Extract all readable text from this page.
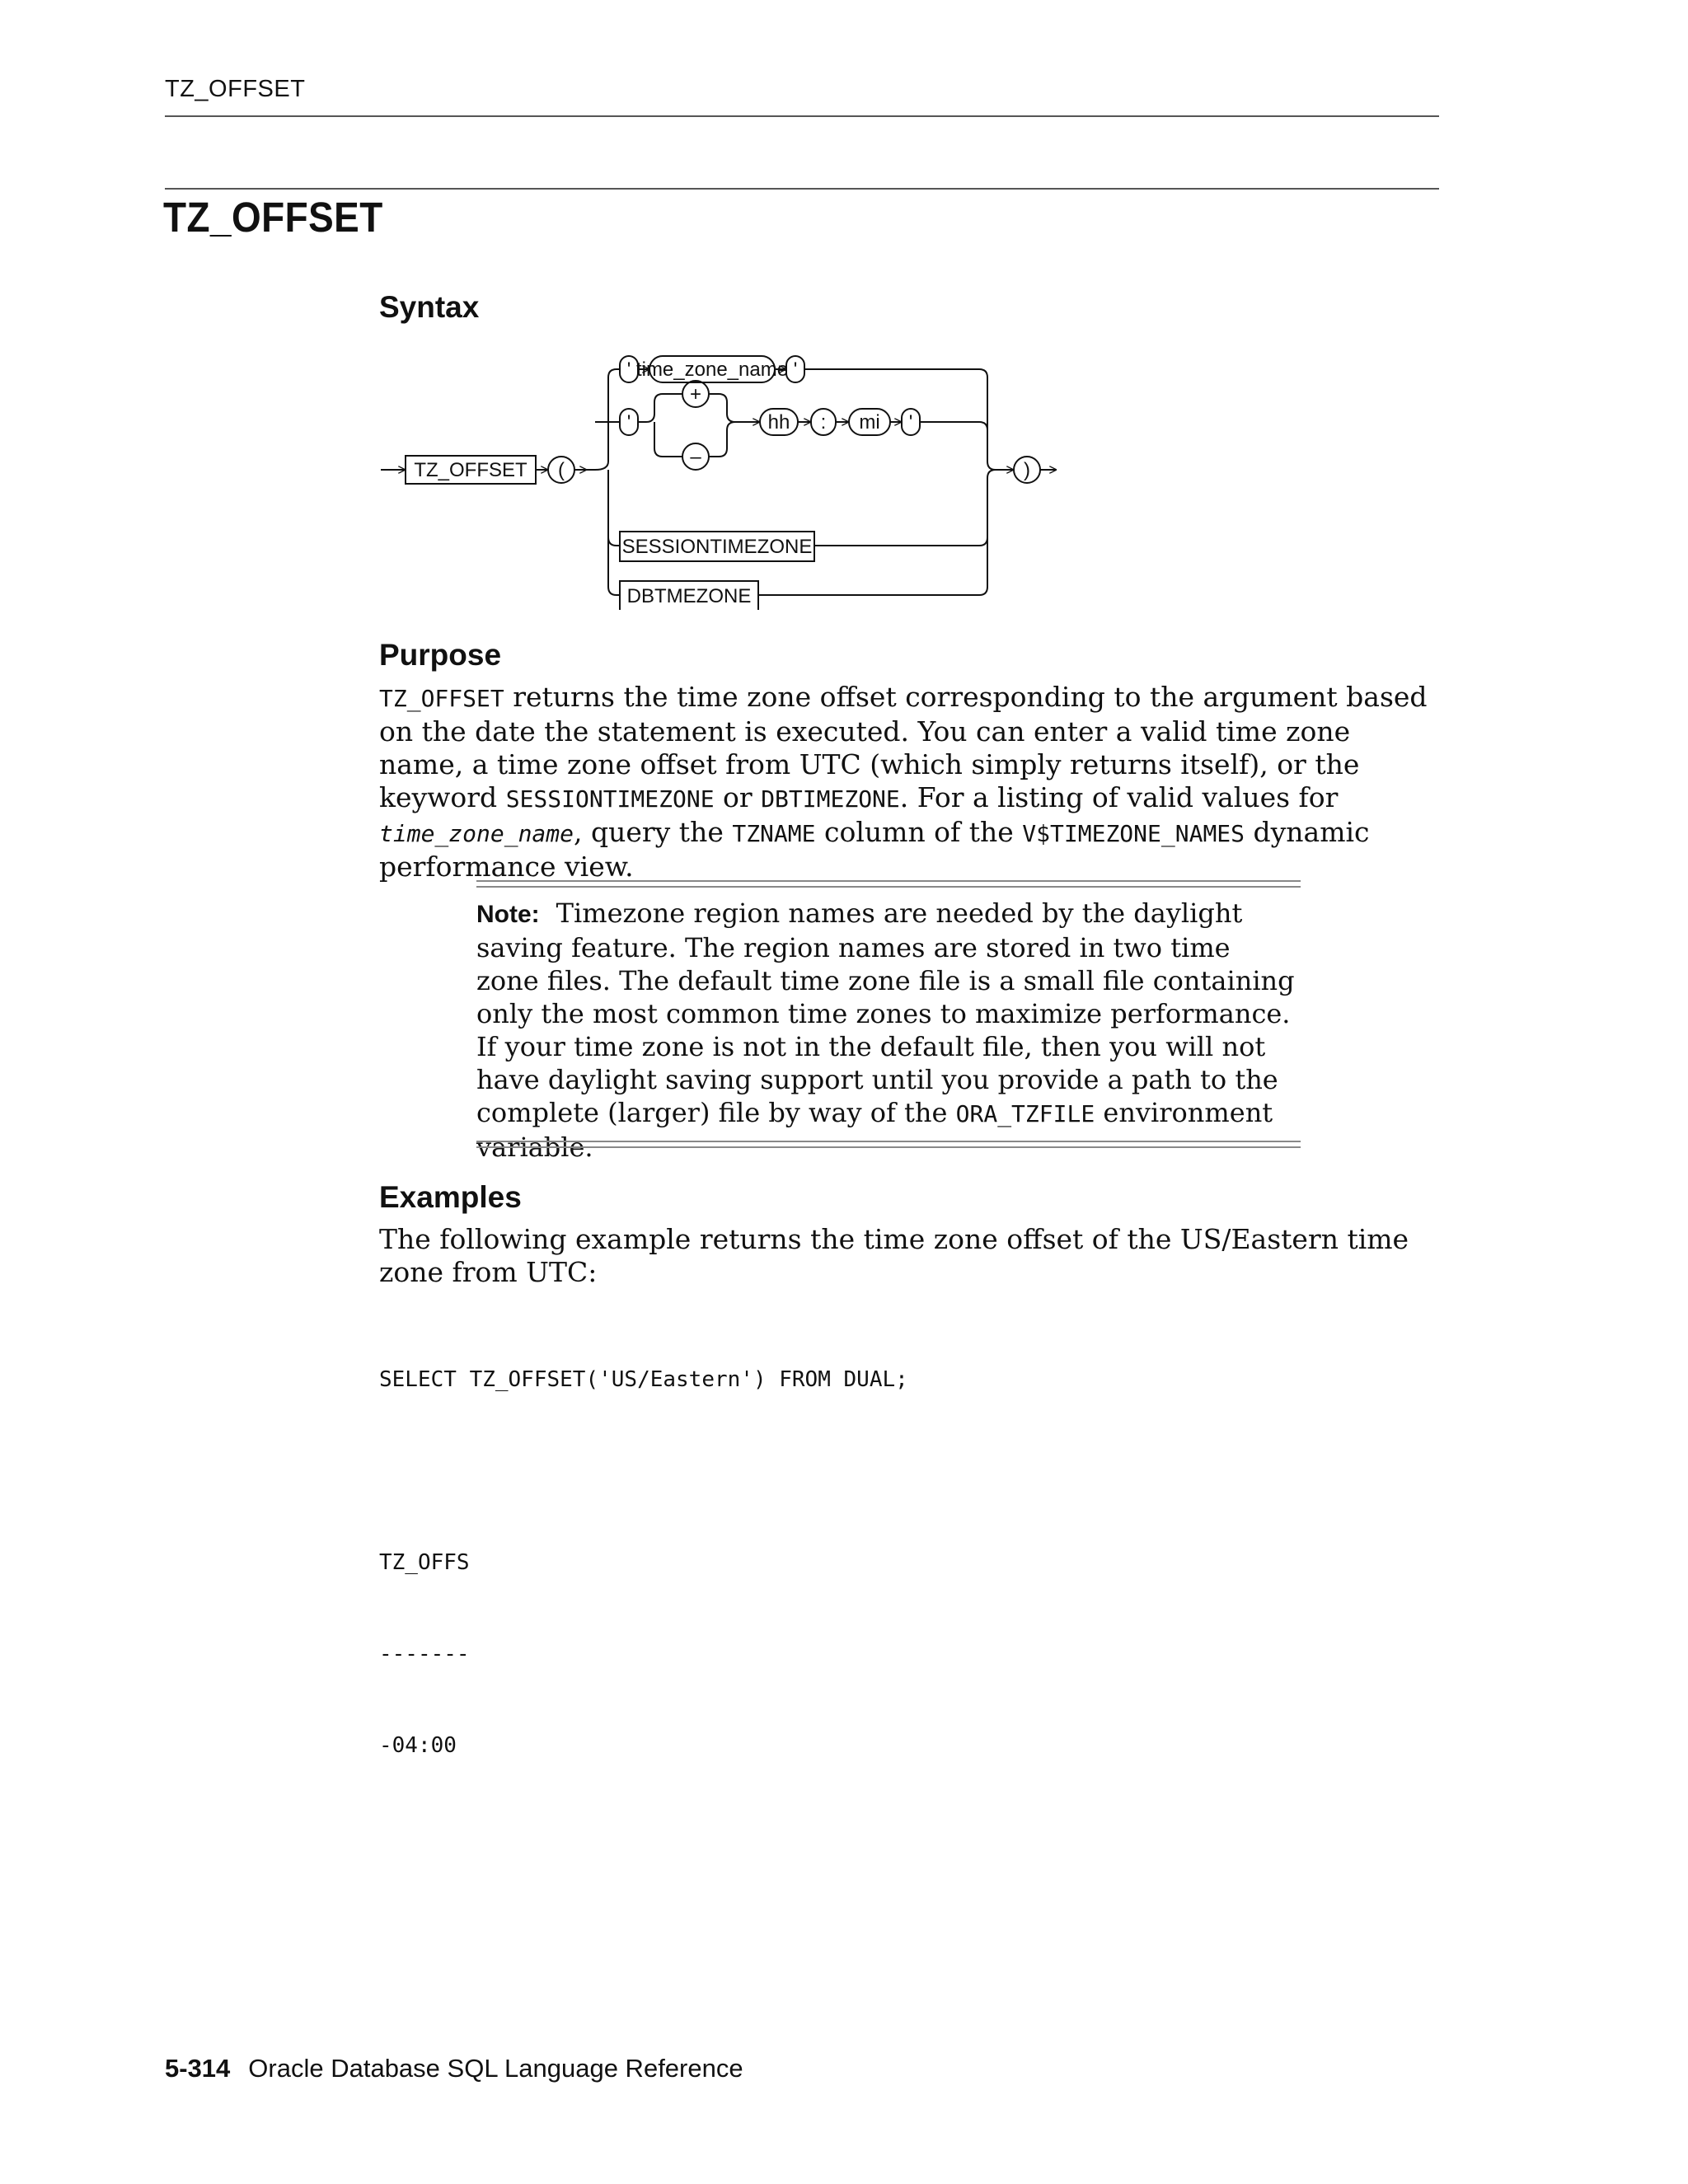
TZ_OFFSET
TZ_OFFSET
Syntax
TZ_OFFSET (
' time_zone_name '
'
+
–
hh : mi '
SESSIONTIMEZONE
DBTMEZONE
)
Purpose

TZ_OFFSET returns the time zone offset corresponding to the argument based on the date the statement is executed. You can enter a valid time zone name, a time zone offset from UTC (which simply returns itself), or the keyword SESSIONTIMEZONE or DBTIMEZONE. For a listing of valid values for time_zone_name, query the TZNAME column of the V$TIMEZONE_NAMES dynamic performance view.

Note: Timezone region names are needed by the daylight saving feature. The region names are stored in two time zone files. The default time zone file is a small file containing only the most common time zones to maximize performance. If your time zone is not in the default file, then you will not have daylight saving support until you provide a path to the complete (larger) file by way of the ORA_TZFILE environment variable.

Examples

The following example returns the time zone offset of the US/Eastern time zone from UTC:

SELECT TZ_OFFSET('US/Eastern') FROM DUAL;

TZ_OFFS

-------

-04:00

5-314 Oracle Database SQL Language Reference
